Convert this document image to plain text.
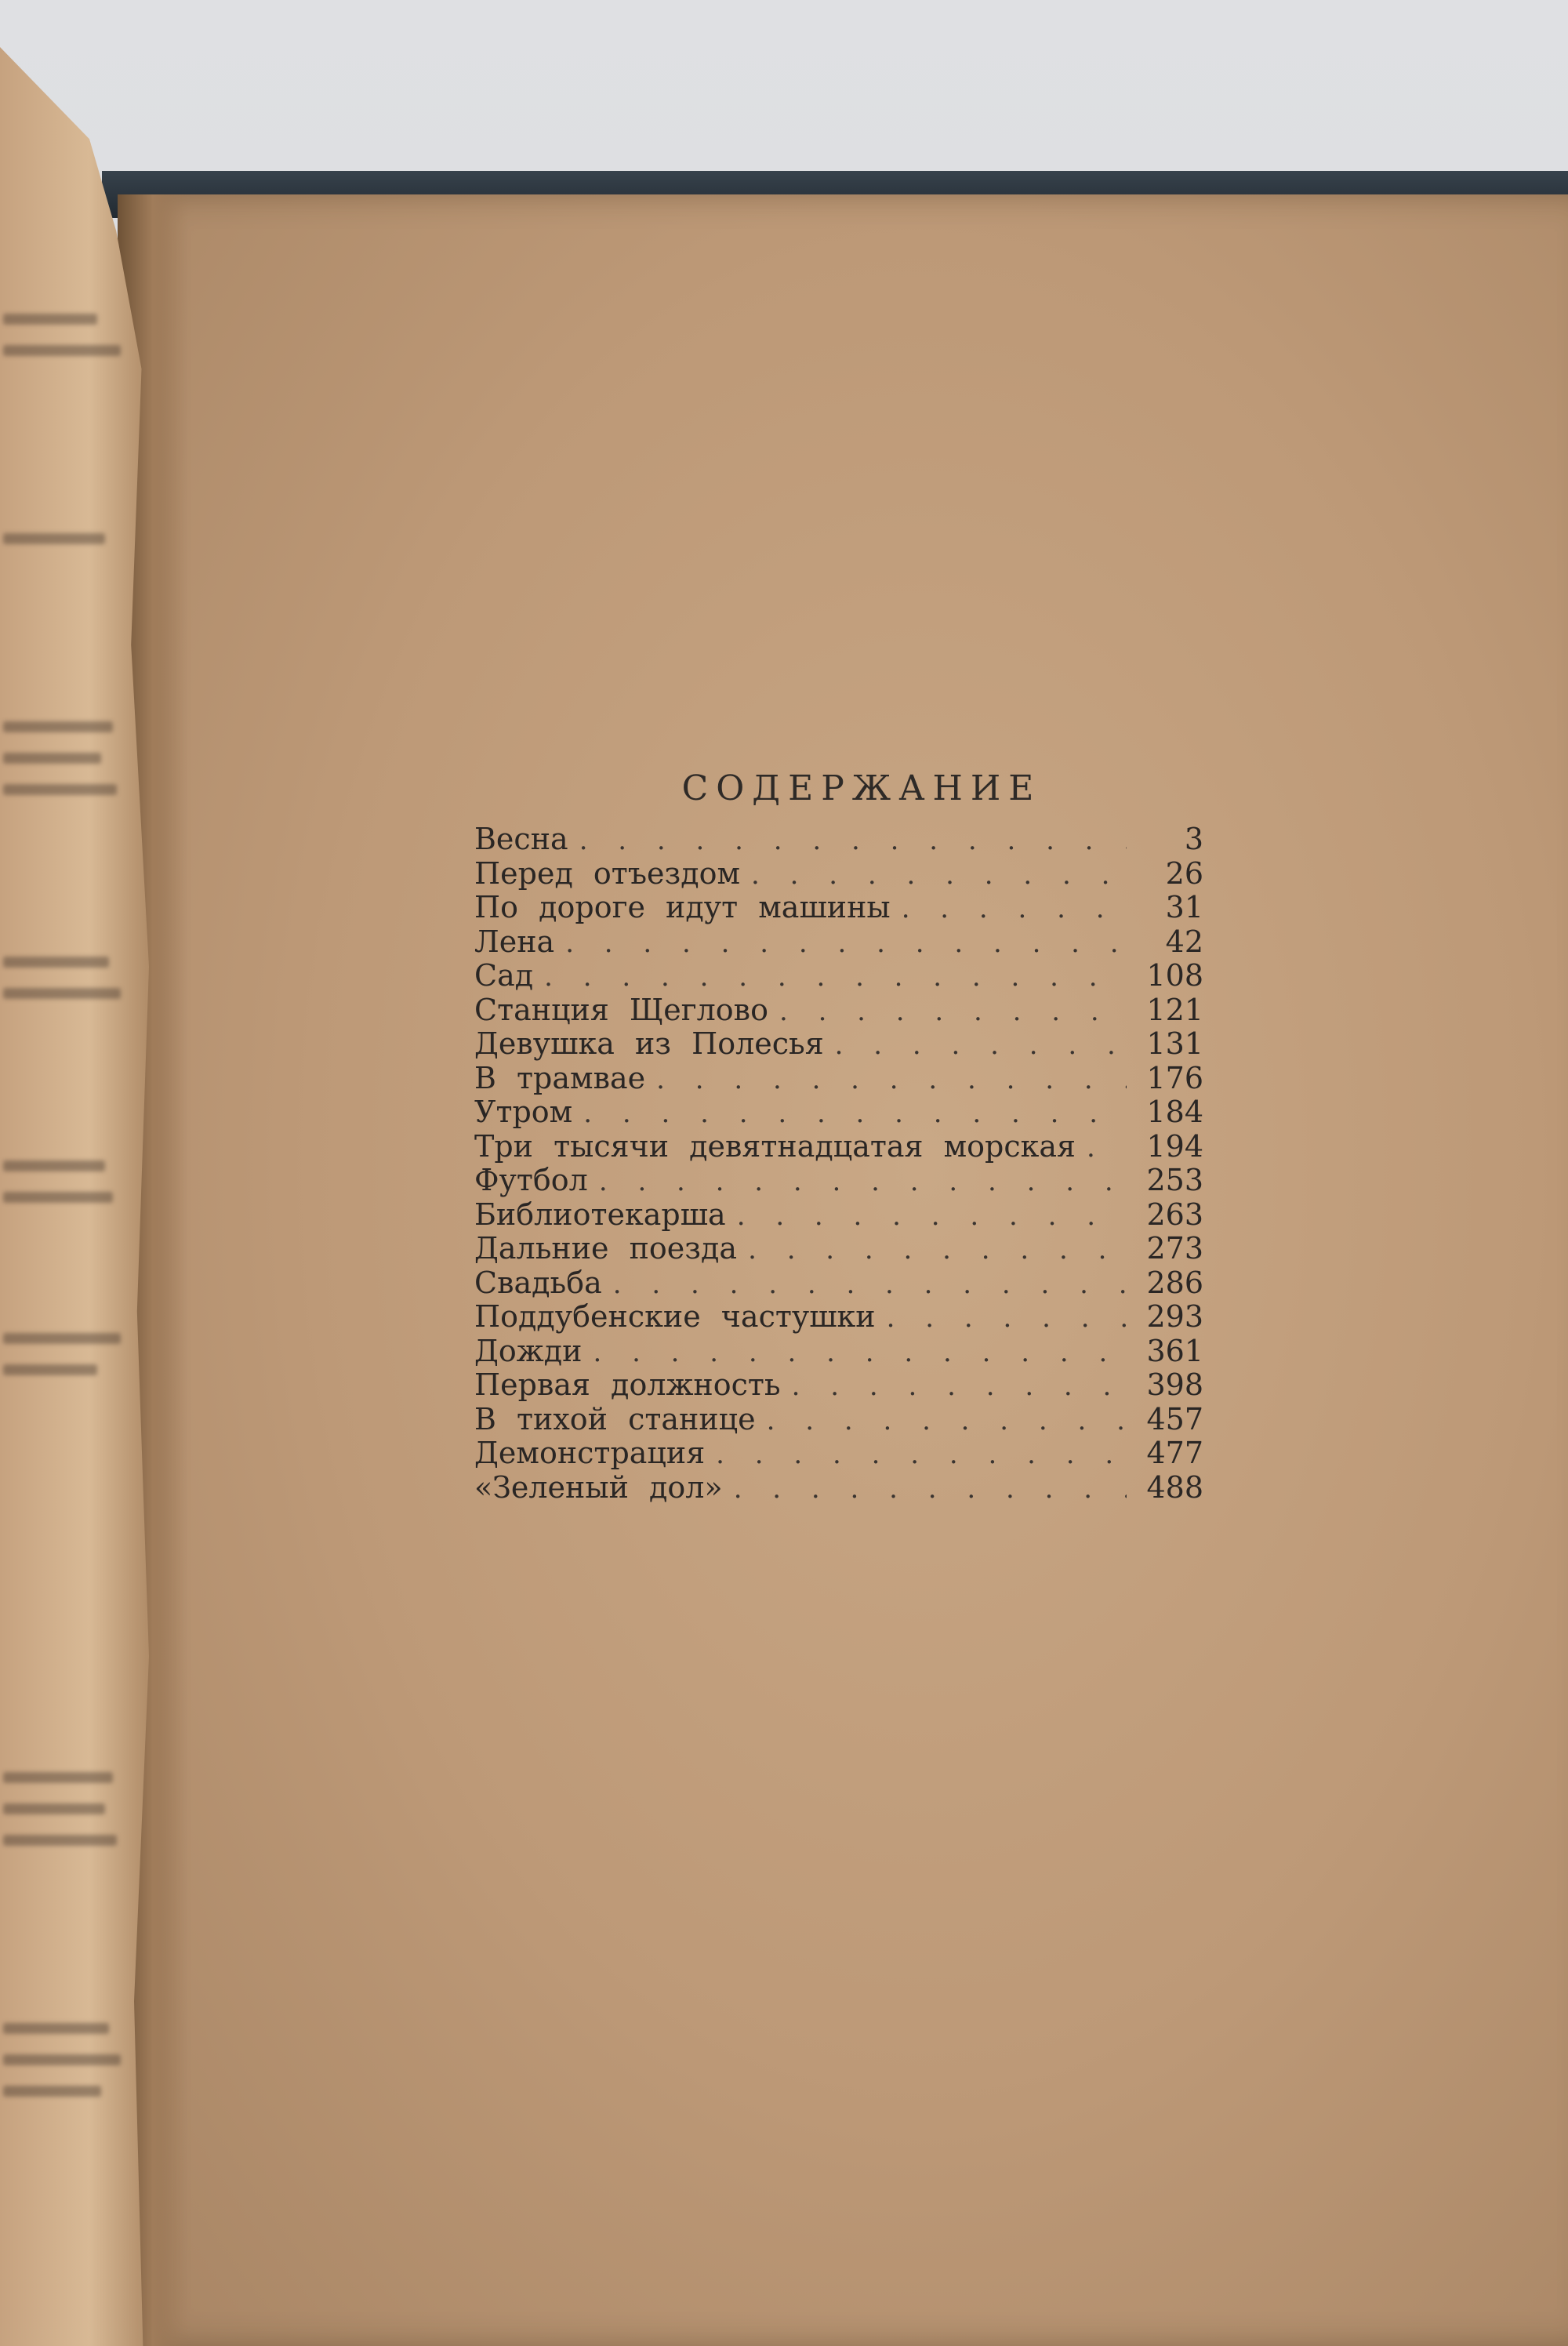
СОДЕРЖАНИЕ
Весна . . .	3
Перед отъездом . . .	26
По дороге идут машины . . .	31
Лена . . .	42
Сад . . .	108
Станция Щеглово . . .	121
Девушка из Полесья . . .	131
В трамвае . . .	176
Утром . . .	184
Три тысячи девятнадцатая морская . . .	194
Футбол . . .	253
Библиотекарша . . .	263
Дальние поезда . . .	273
Свадьба . . .	286
Поддубенские частушки . . .	293
Дожди . . .	361
Первая должность . . .	398
В тихой станице . . .	457
Демонстрация . . .	477
«Зеленый дол» . . .	488
